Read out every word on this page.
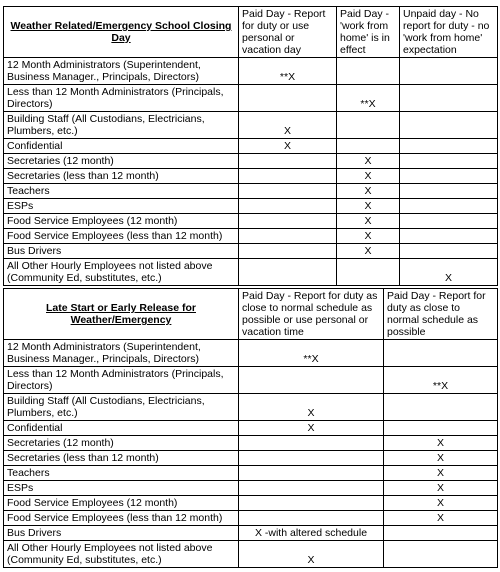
Weather Related/Emergency School Closing Day	Paid Day - Report for duty or use personal or vacation day	Paid Day - 'work from home' is in effect	Unpaid day - No report for duty - no 'work from home' expectation
12 Month Administrators (Superintendent, Business Manager., Principals, Directors)	**X		
Less than 12 Month Administrators (Principals, Directors)		**X	
Building Staff (All Custodians, Electricians, Plumbers, etc.)	X		
Confidential	X		
Secretaries (12 month)		X	
Secretaries (less than 12 month)		X	
Teachers		X	
ESPs		X	
Food Service Employees (12 month)		X	
Food Service Employees (less than 12 month)		X	
Bus Drivers		X	
All Other Hourly Employees not listed above (Community Ed, substitutes, etc.)			X
Late Start or Early Release for Weather/Emergency	Paid Day - Report for duty as close to normal schedule as possible or use personal or vacation time	Paid Day - Report for duty as close to normal schedule as possible
12 Month Administrators (Superintendent, Business Manager., Principals, Directors)	**X	
Less than 12 Month Administrators (Principals, Directors)		**X
Building Staff (All Custodians, Electricians, Plumbers, etc.)	X	
Confidential	X	
Secretaries (12 month)		X
Secretaries (less than 12 month)		X
Teachers		X
ESPs		X
Food Service Employees (12 month)		X
Food Service Employees (less than 12 month)		X
Bus Drivers	X -with altered schedule	
All Other Hourly Employees not listed above (Community Ed, substitutes, etc.)	X	
